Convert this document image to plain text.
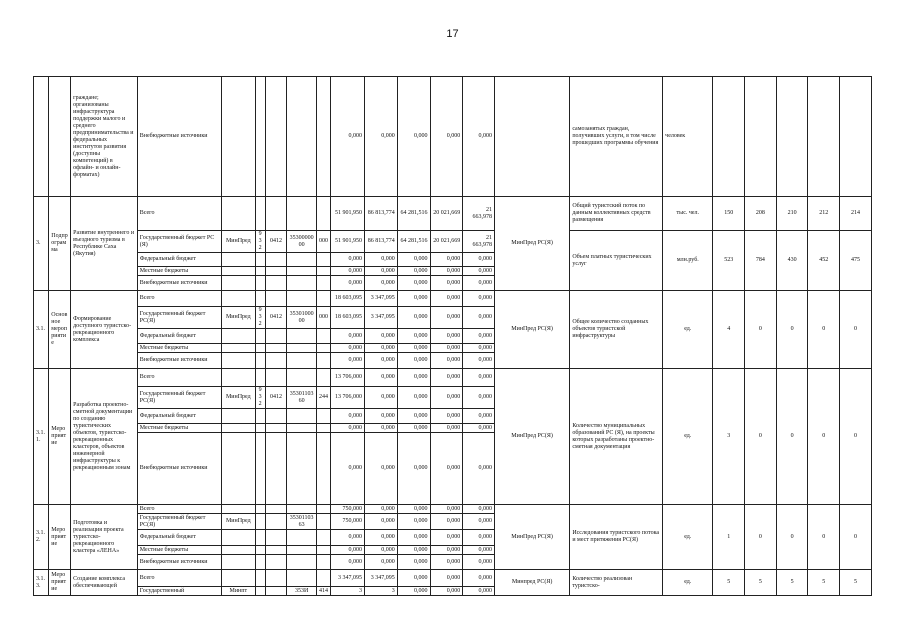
17
		граждане; организованы инфраструктура поддержки малого и среднего предпринимательства и федеральных институтов развития (доступны компетенций) в офлайн- и онлайн-форматах)	Внебюджетные источники						0,000	0,000	0,000	0,000	0,000		самозанятых граждан, получивших услуги, в том числе прошедших программы обучения	человек					
3.	Подпрограмма	Развитие внутреннего и въездного туризма в Республике Саха (Якутия)	Всего						51 901,950	86 813,774	64 281,516	20 021,669	21 663,978	МинПред РС(Я)	Общий туристский поток по данным коллективных средств размещения	тыс. чел.	150	208	210	212	214
			Государственный бюджет РС (Я)	МинПред	932	0412	3530000000	000	51 901,950	86 813,774	64 281,516	20 021,669	21 663,978		Объем платных туристических услуг	млн.руб.	523	784	430	452	475
			Федеральный бюджет						0,000	0,000	0,000	0,000	0,000								
			Местные бюджеты						0,000	0,000	0,000	0,000	0,000								
			Внебюджетные источники						0,000	0,000	0,000	0,000	0,000								
3.1.	Основное мероприятие	Формирование доступного туристско-рекреационного комплекса	Всего						18 603,095	3 347,095	0,000	0,000	0,000	МинПред РС(Я)	Общее количество созданных объектов туристской инфраструктуры	ед.	4	0	0	0	0
			Государственный бюджет РС(Я)	МинПред	932	0412	3530100000	000	18 603,095	3 347,095	0,000	0,000	0,000								
			Федеральный бюджет						0,000	0,000	0,000	0,000	0,000								
			Местные бюджеты						0,000	0,000	0,000	0,000	0,000								
			Внебюджетные источники						0,000	0,000	0,000	0,000	0,000								
3.1.1.	Мероприятие	Разработка проектно-сметной документации по созданию туристических объектов, туристско-рекреационных кластеров, объектов инженерной инфраструктуры к рекреационным зонам	Всего						13 706,000	0,000	0,000	0,000	0,000	МинПред РС(Я)	Количество муниципальных образований РС (Я), на проекты которых разработаны проектно-сметная документация	ед.	3	0	0	0	0
			Государственный бюджет РС(Я)	МинПред	932	0412	3530110360	244	13 706,000	0,000	0,000	0,000	0,000								
			Федеральный бюджет						0,000	0,000	0,000	0,000	0,000								
			Местные бюджеты						0,000	0,000	0,000	0,000	0,000								
			Внебюджетные источники						0,000	0,000	0,000	0,000	0,000								
3.1.2.	Мероприятие	Подготовка и реализация проекта туристско-рекреационного кластера «ЛЕНА»	Всего						750,000	0,000	0,000	0,000	0,000	МинПред РС(Я)	Исследования туристского потока и мест притяжения РС(Я)	ед.	1	0	0	0	0
			Государственный бюджет РС(Я)	МинПред			3530110363		750,000	0,000	0,000	0,000	0,000								
			Федеральный бюджет						0,000	0,000	0,000	0,000	0,000								
			Местные бюджеты						0,000	0,000	0,000	0,000	0,000								
			Внебюджетные источники						0,000	0,000	0,000	0,000	0,000								
3.1.3.	Мероприятие	Создание комплекса обеспечивающей	Всего						3 347,095	3 347,095	0,000	0,000	0,000	Минпред РС(Я)	Количество реализован туристско-	ед.	5	5	5	5	5
			Государственный	Минпт			353И	414	3	3	0,000	0,000	0,000								
